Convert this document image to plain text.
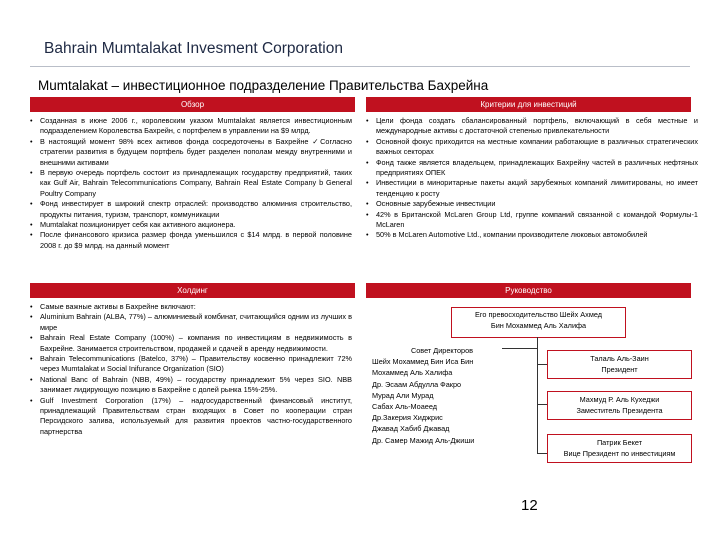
Bahrain Mumtalakat Invesment Corporation
Mumtalakat – инвестиционное подразделение Правительства Бахрейна
Обзор
• Созданная в июне 2006 г., королевским указом Mumtalakat является инвестиционным подразделением Королевства Бахрейн, с портфелем в управлении на $9 млрд.
• В настоящий момент 98% всех активов фонда сосредоточены в Бахрейне ✓Согласно стратегии развития в будущем портфель будет разделен пополам между внутренними и внешними активами
• В первую очередь портфель состоит из принадлежащих государству предприятий, таких как Gulf Air, Bahrain Telecommunications Company, Bahrain Real Estate Company b General Poultry Company
• Фонд инвестирует в широкий спектр отраслей: производство алюминия строительство, продукты питания, туризм, транспорт, коммуникации
• Mumtalakat позиционирует себя как активного акционера.
• После финансового кризиса размер фонда уменьшился с $14 млрд. в первой половине 2008 г. до $9 млрд. на данный момент
Критерии для инвестиций
• Цели фонда создать сбалансированный портфель, включающий в себя местные и международные активы с достаточной степенью привлекательности
• Основной фокус приходится на местные компании работающие в различных стратегических важных секторах
• Фонд также является владельцем, принадлежащих Бахрейну частей в различных нефтяных предприятиях ОПЕК
• Инвестиции в миноритарные пакеты акций зарубежных компаний лимитированы, но имеет тенденцию к росту
• Основные зарубежные инвестиции
• 42% в Британской McLaren Group Ltd, группе компаний связанной с командой Формулы-1 McLaren
• 50% в McLaren Automotive Ltd., компании производителе люковых автомобилей
Холдинг
• Самые важные активы в Бахрейне включают:
• Aluminium Bahrain (ALBA, 77%) – алюминиевый комбинат, считающийся одним из лучших в мире
• Bahrain Real Estate Company (100%) – компания по инвестициям в недвижимость в Бахрейне. Занимается строительством, продажей и сдачей в аренду недвижимости.
• Bahrain Telecommunications (Batelco, 37%) – Правительству косвенно принадлежит 72% через Mumtalakat и Social Inifurance Organization (SIO)
• National Banc of Bahrain (NBB, 49%) – государству принадлежит 5% через SIO. NBB занимает лидирующую позицию в Бахрейне с долей рынка 15%-25%.
• Gulf Investment Corporation (17%) – надгосударственный финансовый институт, принадлежащий Правительствам стран входящих в Совет по кооперации стран Персидского залива, используемый для развития проектов частно-государственного партнерства
Руководство
Его превосходительство Шейх Ахмед
Бин Мохаммед Аль Халифа
Совет Директоров
Шейх Мохаммед Бин Иса Бин
Мохаммед Аль Халифа
Др. Эсаам Абдулла Факро
Мурад Али Мурад
Сабах Аль-Моаеед
Др.Закерия Хиджрис
Джавад Хабиб Джавад
Др. Самер Мажид Аль-Джиши
Талаль Аль-Заин
Президент
Махмуд Р. Аль Кухеджи
Заместитель Президента
Патрик Бекет
Вице Президент по инвестициям
12
